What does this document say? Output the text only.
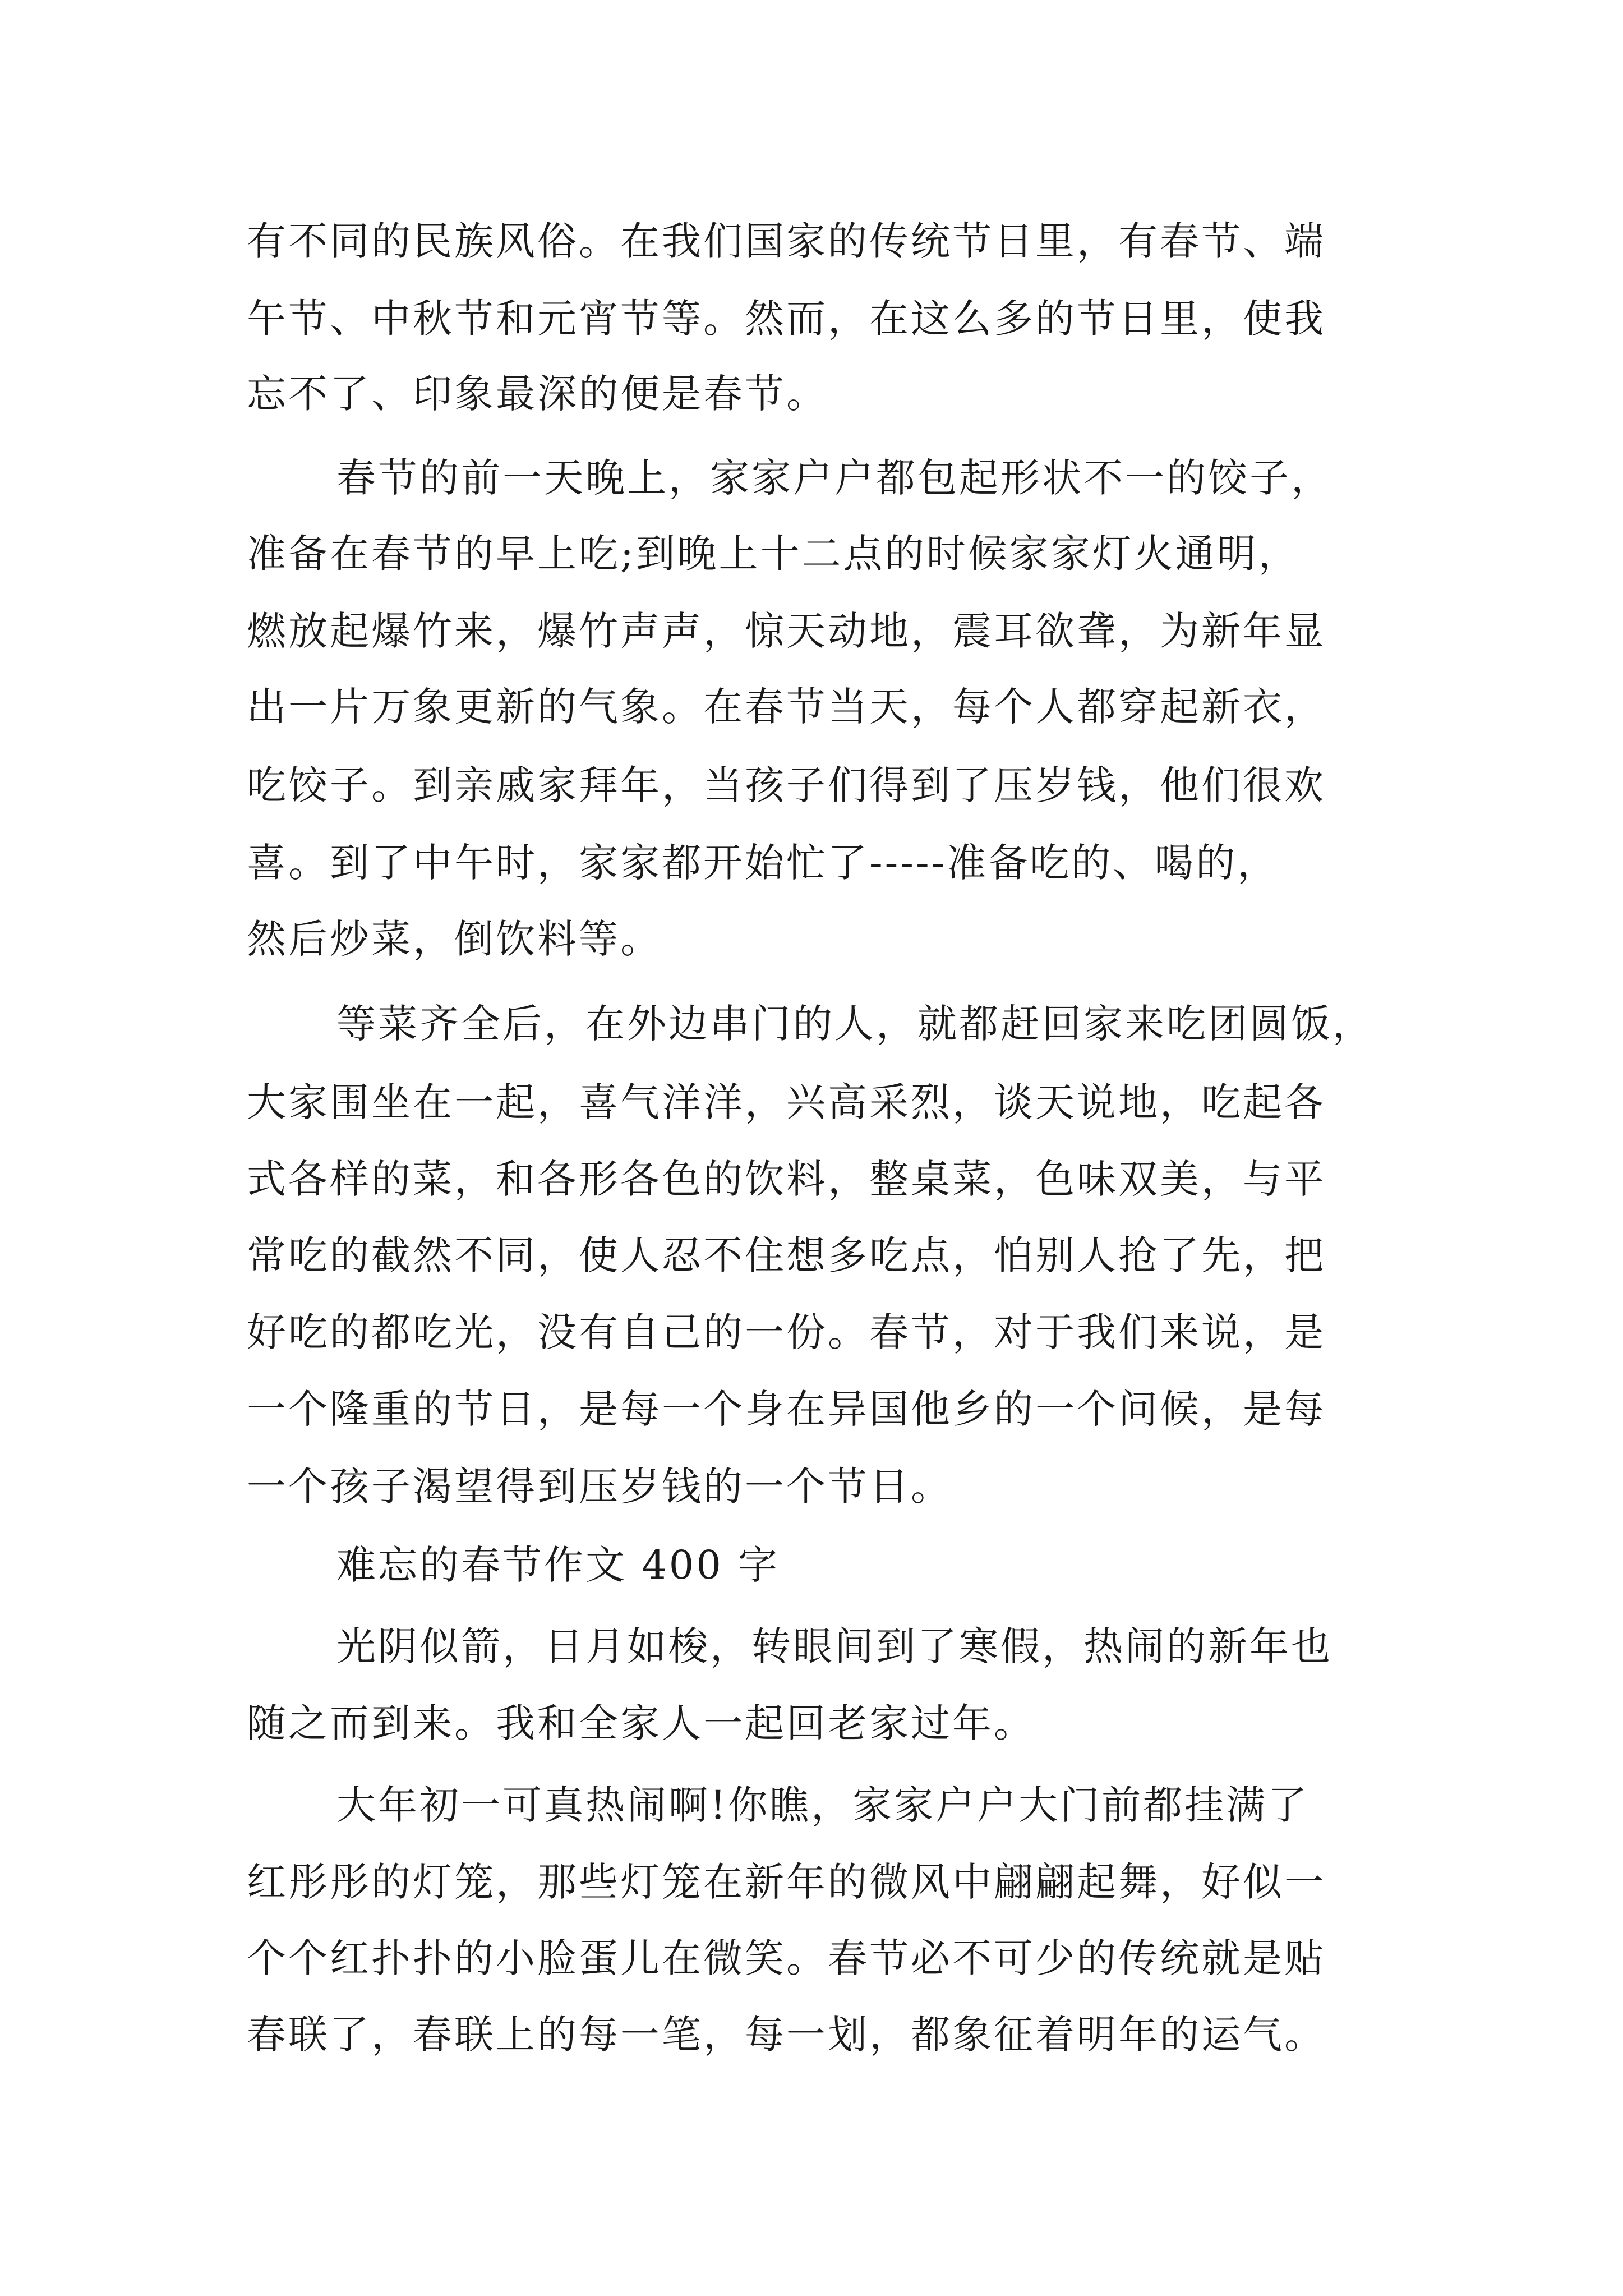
有不同的民族风俗。在我们国家的传统节日里，有春节、端
午节、中秋节和元宵节等。然而，在这么多的节日里，使我
忘不了、印象最深的便是春节。
春节的前一天晚上，家家户户都包起形状不一的饺子，
准备在春节的早上吃;到晚上十二点的时候家家灯火通明，
燃放起爆竹来，爆竹声声，惊天动地，震耳欲聋，为新年显
出一片万象更新的气象。在春节当天，每个人都穿起新衣，
吃饺子。到亲戚家拜年，当孩子们得到了压岁钱，他们很欢
喜。到了中午时，家家都开始忙了-----准备吃的、喝的，
然后炒菜，倒饮料等。
等菜齐全后，在外边串门的人，就都赶回家来吃团圆饭，
大家围坐在一起，喜气洋洋，兴高采烈，谈天说地，吃起各
式各样的菜，和各形各色的饮料，整桌菜，色味双美，与平
常吃的截然不同，使人忍不住想多吃点，怕别人抢了先，把
好吃的都吃光，没有自己的一份。春节，对于我们来说，是
一个隆重的节日，是每一个身在异国他乡的一个问候，是每
一个孩子渴望得到压岁钱的一个节日。
难忘的春节作文 400 字
光阴似箭，日月如梭，转眼间到了寒假，热闹的新年也
随之而到来。我和全家人一起回老家过年。
大年初一可真热闹啊!你瞧，家家户户大门前都挂满了
红彤彤的灯笼，那些灯笼在新年的微风中翩翩起舞，好似一
个个红扑扑的小脸蛋儿在微笑。春节必不可少的传统就是贴
春联了，春联上的每一笔，每一划，都象征着明年的运气。
